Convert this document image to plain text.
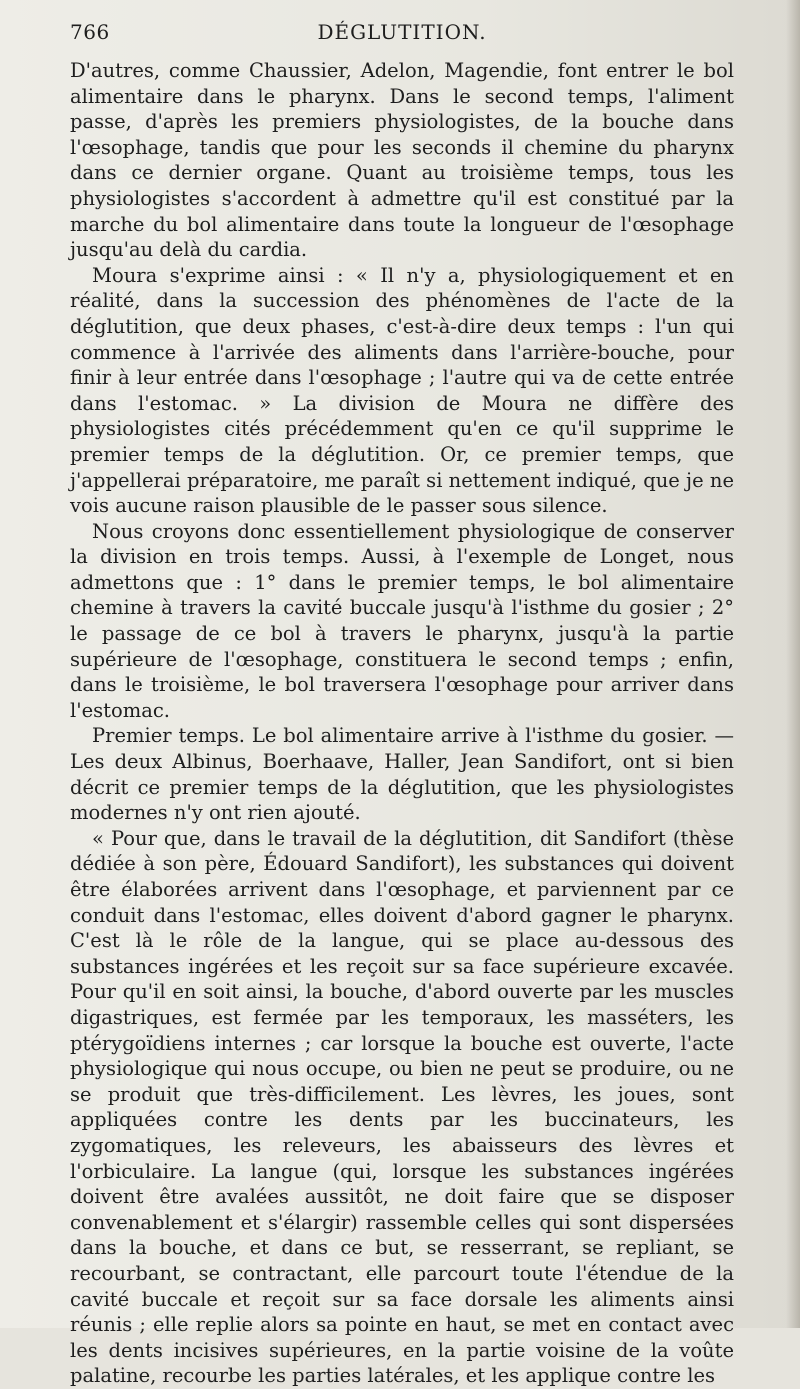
766	DÉGLUTITION.

D'autres, comme Chaussier, Adelon, Magendie, font entrer le bol alimentaire dans le pharynx. Dans le second temps, l'aliment passe, d'après les premiers physiologistes, de la bouche dans l'œsophage, tandis que pour les seconds il chemine du pharynx dans ce dernier organe. Quant au troisième temps, tous les physiologistes s'accordent à admettre qu'il est constitué par la marche du bol alimentaire dans toute la longueur de l'œsophage jusqu'au delà du cardia.

Moura s'exprime ainsi : « Il n'y a, physiologiquement et en réalité, dans la succession des phénomènes de l'acte de la déglutition, que deux phases, c'est-à-dire deux temps : l'un qui commence à l'arrivée des aliments dans l'arrière-bouche, pour finir à leur entrée dans l'œsophage ; l'autre qui va de cette entrée dans l'estomac. » La division de Moura ne diffère des physiologistes cités précédemment qu'en ce qu'il supprime le premier temps de la déglutition. Or, ce premier temps, que j'appellerai préparatoire, me paraît si nettement indiqué, que je ne vois aucune raison plausible de le passer sous silence.

Nous croyons donc essentiellement physiologique de conserver la division en trois temps. Aussi, à l'exemple de Longet, nous admettons que : 1° dans le premier temps, le bol alimentaire chemine à travers la cavité buccale jusqu'à l'isthme du gosier ; 2° le passage de ce bol à travers le pharynx, jusqu'à la partie supérieure de l'œsophage, constituera le second temps ; enfin, dans le troisième, le bol traversera l'œsophage pour arriver dans l'estomac.

Premier temps. Le bol alimentaire arrive à l'isthme du gosier. — Les deux Albinus, Boerhaave, Haller, Jean Sandifort, ont si bien décrit ce premier temps de la déglutition, que les physiologistes modernes n'y ont rien ajouté.

« Pour que, dans le travail de la déglutition, dit Sandifort (thèse dédiée à son père, Édouard Sandifort), les substances qui doivent être élaborées arrivent dans l'œsophage, et parviennent par ce conduit dans l'estomac, elles doivent d'abord gagner le pharynx. C'est là le rôle de la langue, qui se place au-dessous des substances ingérées et les reçoit sur sa face supérieure excavée. Pour qu'il en soit ainsi, la bouche, d'abord ouverte par les muscles digastriques, est fermée par les temporaux, les masséters, les ptérygoïdiens internes ; car lorsque la bouche est ouverte, l'acte physiologique qui nous occupe, ou bien ne peut se produire, ou ne se produit que très-difficilement. Les lèvres, les joues, sont appliquées contre les dents par les buccinateurs, les zygomatiques, les releveurs, les abaisseurs des lèvres et l'orbiculaire. La langue (qui, lorsque les substances ingérées doivent être avalées aussitôt, ne doit faire que se disposer convenablement et s'élargir) rassemble celles qui sont dispersées dans la bouche, et dans ce but, se resserrant, se repliant, se recourbant, se contractant, elle parcourt toute l'étendue de la cavité buccale et reçoit sur sa face dorsale les aliments ainsi réunis ; elle replie alors sa pointe en haut, se met en contact avec les dents incisives supérieures, en la partie voisine de la voûte palatine, recourbe les parties latérales, et les applique contre les
